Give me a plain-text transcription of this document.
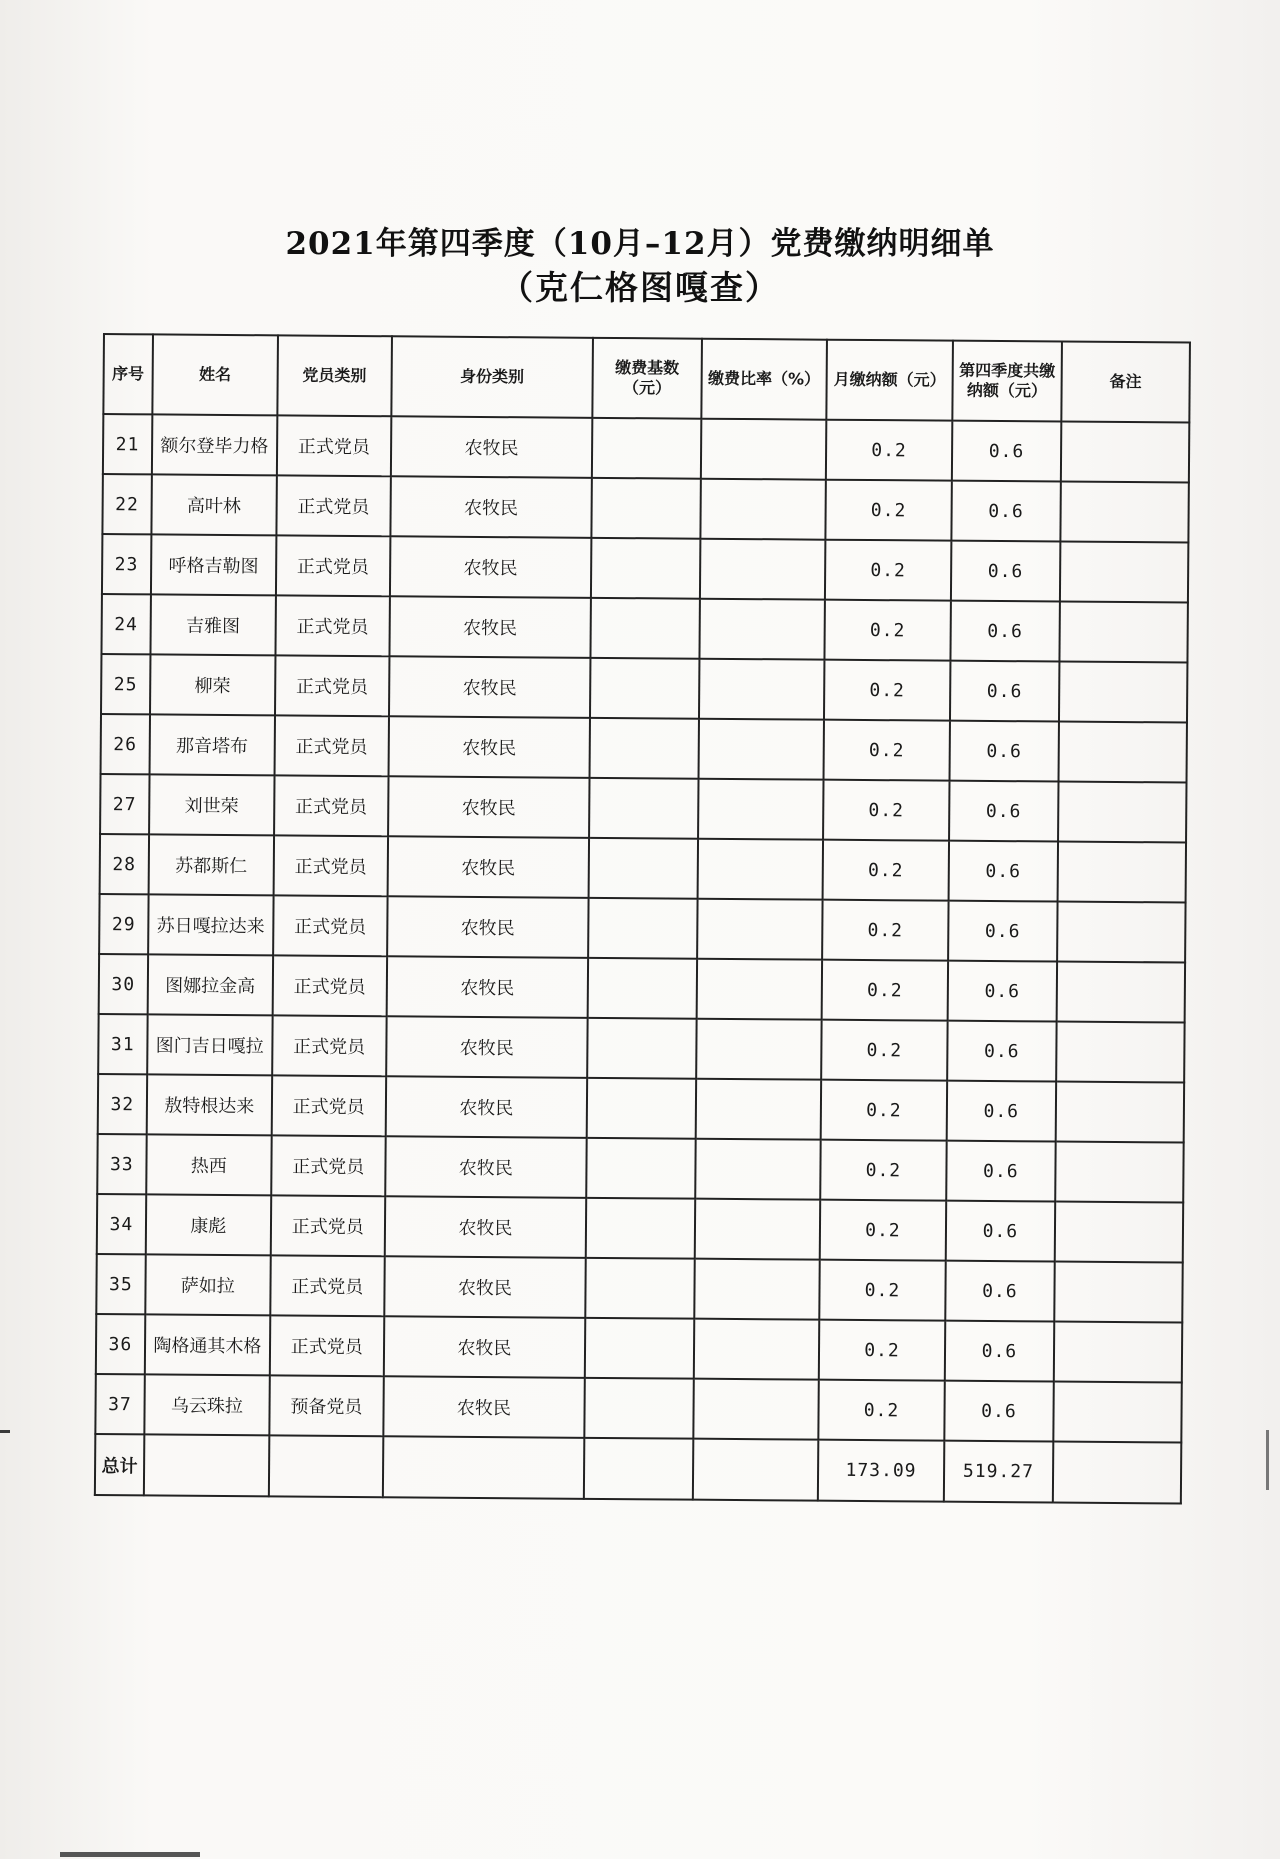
2021年第四季度（10月–12月）党费缴纳明细单
（克仁格图嘎查）
序号	姓名	党员类别	身份类别	缴费基数（元）	缴费比率（%）	月缴纳额（元）	第四季度共缴纳额（元）	备注
21	额尔登毕力格	正式党员	农牧民			0.2	0.6	
22	高叶林	正式党员	农牧民			0.2	0.6	
23	呼格吉勒图	正式党员	农牧民			0.2	0.6	
24	吉雅图	正式党员	农牧民			0.2	0.6	
25	柳荣	正式党员	农牧民			0.2	0.6	
26	那音塔布	正式党员	农牧民			0.2	0.6	
27	刘世荣	正式党员	农牧民			0.2	0.6	
28	苏都斯仁	正式党员	农牧民			0.2	0.6	
29	苏日嘎拉达来	正式党员	农牧民			0.2	0.6	
30	图娜拉金高	正式党员	农牧民			0.2	0.6	
31	图门吉日嘎拉	正式党员	农牧民			0.2	0.6	
32	敖特根达来	正式党员	农牧民			0.2	0.6	
33	热西	正式党员	农牧民			0.2	0.6	
34	康彪	正式党员	农牧民			0.2	0.6	
35	萨如拉	正式党员	农牧民			0.2	0.6	
36	陶格通其木格	正式党员	农牧民			0.2	0.6	
37	乌云珠拉	预备党员	农牧民			0.2	0.6	
总计						173.09	519.27	
